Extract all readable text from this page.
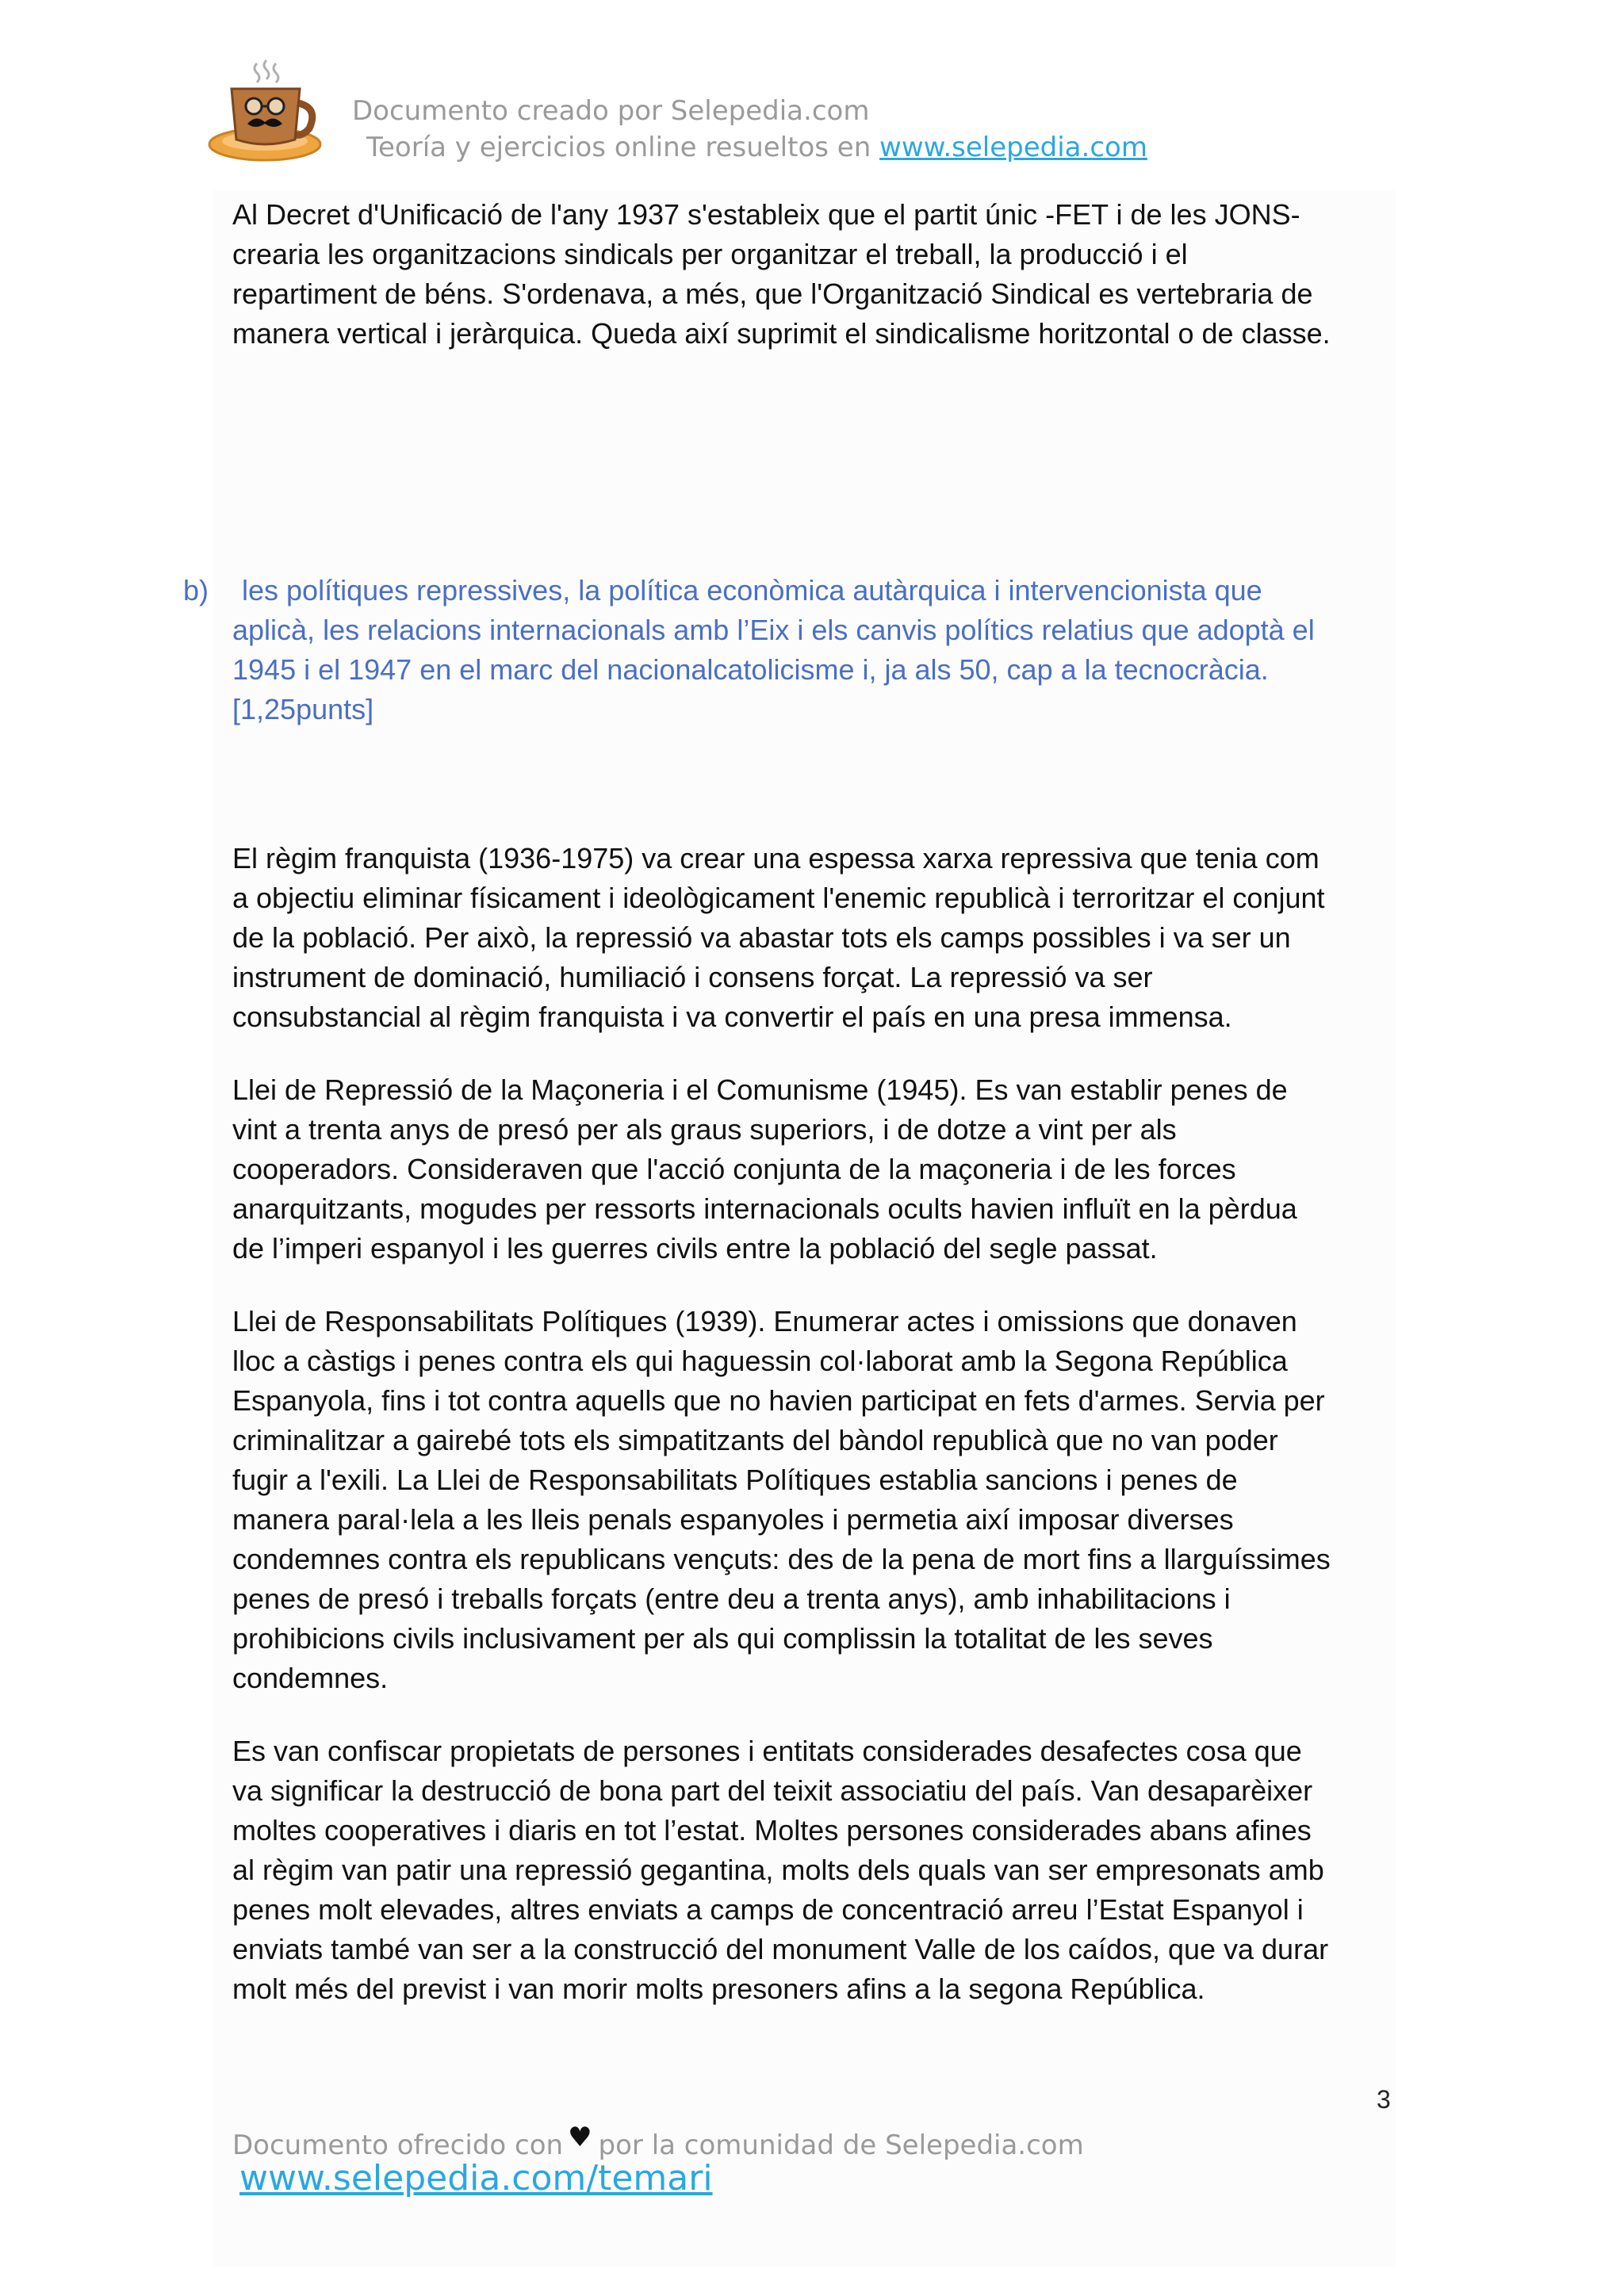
Documento creado por Selepedia.com
Teoría y ejercicios online resueltos en www.selepedia.com

Al Decret d'Unificació de l'any 1937 s'estableix que el partit únic -FET i de les JONS-
crearia les organitzacions sindicals per organitzar el treball, la producció i el
repartiment de béns. S'ordenava, a més, que l'Organització Sindical es vertebraria de
manera vertical i jeràrquica. Queda així suprimit el sindicalisme horitzontal o de classe.

b) les polítiques repressives, la política econòmica autàrquica i intervencionista que
aplicà, les relacions internacionals amb l’Eix i els canvis polítics relatius que adoptà el
1945 i el 1947 en el marc del nacionalcatolicisme i, ja als 50, cap a la tecnocràcia.
[1,25punts]

El règim franquista (1936-1975) va crear una espessa xarxa repressiva que tenia com
a objectiu eliminar físicament i ideològicament l'enemic republicà i terroritzar el conjunt
de la població. Per això, la repressió va abastar tots els camps possibles i va ser un
instrument de dominació, humiliació i consens forçat. La repressió va ser
consubstancial al règim franquista i va convertir el país en una presa immensa.

Llei de Repressió de la Maçoneria i el Comunisme (1945). Es van establir penes de
vint a trenta anys de presó per als graus superiors, i de dotze a vint per als
cooperadors. Consideraven que l'acció conjunta de la maçoneria i de les forces
anarquitzants, mogudes per ressorts internacionals ocults havien influït en la pèrdua
de l’imperi espanyol i les guerres civils entre la població del segle passat.

Llei de Responsabilitats Polítiques (1939). Enumerar actes i omissions que donaven
lloc a càstigs i penes contra els qui haguessin col·laborat amb la Segona República
Espanyola, fins i tot contra aquells que no havien participat en fets d'armes. Servia per
criminalitzar a gairebé tots els simpatitzants del bàndol republicà que no van poder
fugir a l'exili. La Llei de Responsabilitats Polítiques establia sancions i penes de
manera paral·lela a les lleis penals espanyoles i permetia així imposar diverses
condemnes contra els republicans vençuts: des de la pena de mort fins a llarguíssimes
penes de presó i treballs forçats (entre deu a trenta anys), amb inhabilitacions i
prohibicions civils inclusivament per als qui complissin la totalitat de les seves
condemnes.

Es van confiscar propietats de persones i entitats considerades desafectes cosa que
va significar la destrucció de bona part del teixit associatiu del país. Van desaparèixer
moltes cooperatives i diaris en tot l’estat. Moltes persones considerades abans afines
al règim van patir una repressió gegantina, molts dels quals van ser empresonats amb
penes molt elevades, altres enviats a camps de concentració arreu l’Estat Espanyol i
enviats també van ser a la construcció del monument Valle de los caídos, que va durar
molt més del previst i van morir molts presoners afins a la segona República.

3
Documento ofrecido con ♥ por la comunidad de Selepedia.com
www.selepedia.com/temari
